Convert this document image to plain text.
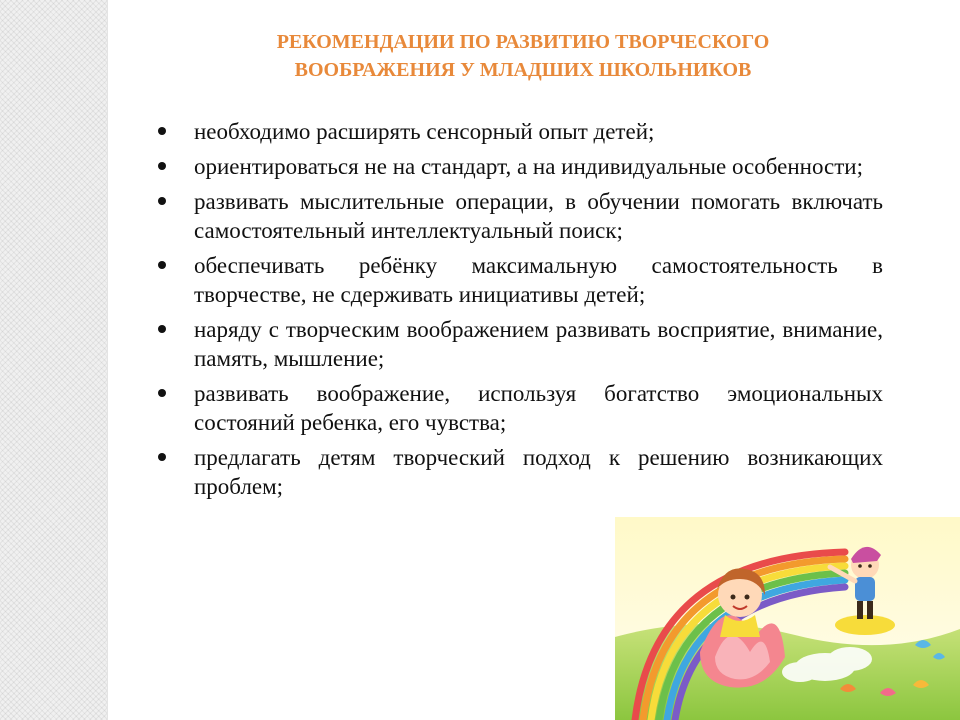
РЕКОМЕНДАЦИИ ПО РАЗВИТИЮ ТВОРЧЕСКОГО
ВООБРАЖЕНИЯ У МЛАДШИХ ШКОЛЬНИКОВ
необходимо расширять сенсорный опыт детей;
ориентироваться не на стандарт, а на индивидуальные особенности;
развивать мыслительные операции, в обучении помогать включать самостоятельный интеллектуальный поиск;
обеспечивать ребёнку максимальную самостоятельность в творчестве, не сдерживать инициативы детей;
наряду с творческим воображением развивать восприятие, внимание, память, мышление;
развивать воображение, используя богатство эмоциональных состояний ребенка, его чувства;
предлагать детям творческий подход к решению возникающих проблем;
